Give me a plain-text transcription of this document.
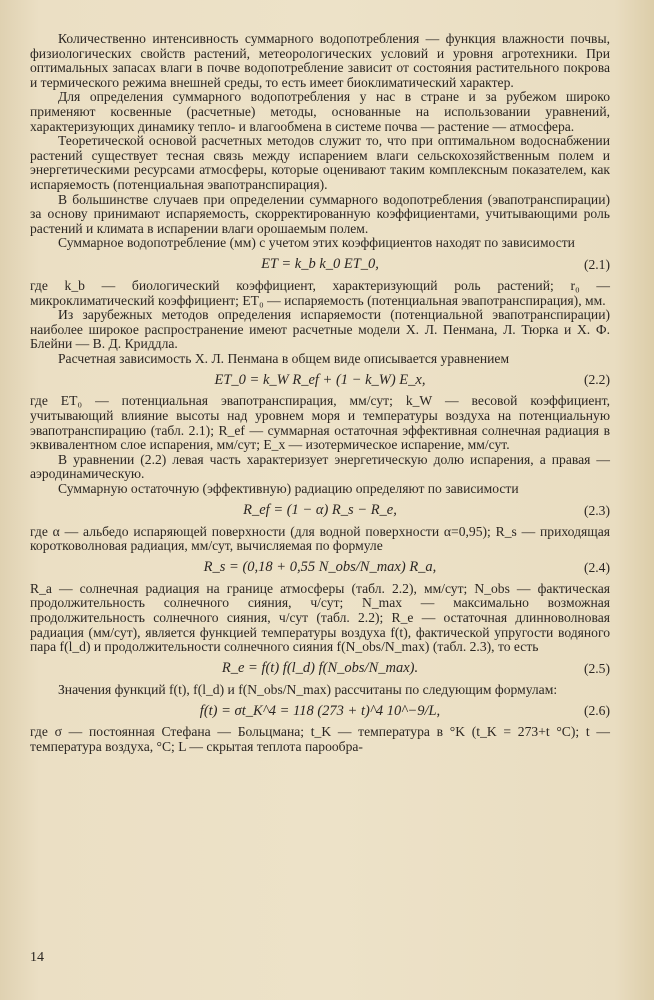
Количественно интенсивность суммарного водопотребления — функция влажности почвы, физиологических свойств растений, метеорологических условий и уровня агротехники. При оптимальных запасах влаги в почве водопотребление зависит от состояния растительного покрова и термического режима внешней среды, то есть имеет биоклиматический характер.

Для определения суммарного водопотребления у нас в стране и за рубежом широко применяют косвенные (расчетные) методы, основанные на использовании уравнений, характеризующих динамику тепло- и влагообмена в системе почва — растение — атмосфера.

Теоретической основой расчетных методов служит то, что при оптимальном водоснабжении растений существует тесная связь между испарением влаги сельскохозяйственным полем и энергетическими ресурсами атмосферы, которые оценивают таким комплексным показателем, как испаряемость (потенциальная эвапотранспирация).

В большинстве случаев при определении суммарного водопотребления (эвапотранспирации) за основу принимают испаряемость, скорректированную коэффициентами, учитывающими роль растений и климата в испарении влаги орошаемым полем.

Суммарное водопотребление (мм) с учетом этих коэффициентов находят по зависимости

ET = k_b k_0 ET_0,	(2.1)

где k_b — биологический коэффициент, характеризующий роль растений; r₀ — микроклиматический коэффициент; ET₀ — испаряемость (потенциальная эвапотранспирация), мм.

Из зарубежных методов определения испаряемости (потенциальной эвапотранспирации) наиболее широкое распространение имеют расчетные модели Х. Л. Пенмана, Л. Тюрка и Х. Ф. Блейни — В. Д. Криддла.

Расчетная зависимость Х. Л. Пенмана в общем виде описывается уравнением

ET_0 = k_W R_ef + (1 − k_W) E_x,	(2.2)

где ET₀ — потенциальная эвапотранспирация, мм/сут; k_W — весовой коэффициент, учитывающий влияние высоты над уровнем моря и температуры воздуха на потенциальную эвапотранспирацию (табл. 2.1); R_ef — суммарная остаточная эффективная солнечная радиация в эквивалентном слое испарения, мм/сут; E_x — изотермическое испарение, мм/сут.

В уравнении (2.2) левая часть характеризует энергетическую долю испарения, а правая — аэродинамическую.

Суммарную остаточную (эффективную) радиацию определяют по зависимости

R_ef = (1 − α) R_s − R_e,	(2.3)

где α — альбедо испаряющей поверхности (для водной поверхности α=0,95); R_s — приходящая коротковолновая радиация, мм/сут, вычисляемая по формуле

R_s = (0,18 + 0,55 N_obs/N_max) R_a,	(2.4)

R_a — солнечная радиация на границе атмосферы (табл. 2.2), мм/сут; N_obs — фактическая продолжительность солнечного сияния, ч/сут; N_max — максимально возможная продолжительность солнечного сияния, ч/сут (табл. 2.2); R_e — остаточная длинноволновая радиация (мм/сут), является функцией температуры воздуха f(t), фактической упругости водяного пара f(l_d) и продолжительности солнечного сияния f(N_obs/N_max) (табл. 2.3), то есть

R_e = f(t) f(l_d) f(N_obs/N_max).	(2.5)

Значения функций f(t), f(l_d) и f(N_obs/N_max) рассчитаны по следующим формулам:

f(t) = σt_K^4 = 118 (273 + t)^4 10^−9/L,	(2.6)

где σ — постоянная Стефана — Больцмана; t_K — температура в °K (t_K = 273+t °C); t — температура воздуха, °C; L — скрытая теплота парообра-

14
